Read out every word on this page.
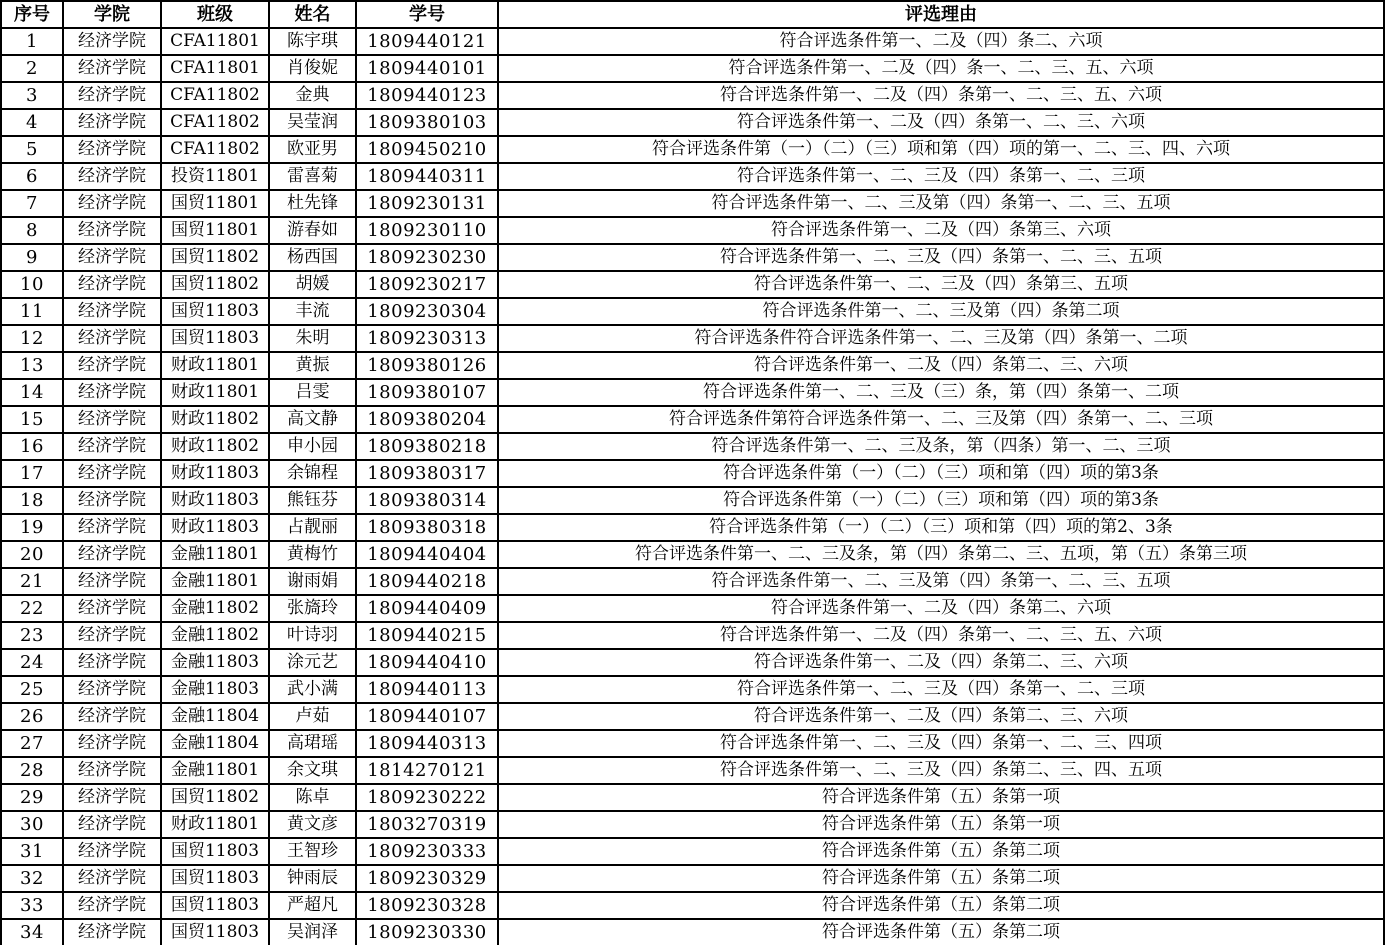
序号	学院	班级	姓名	学号	评选理由
1	经济学院	CFA11801	陈宇琪	1809440121	符合评选条件第一、二及（四）条二、六项
2	经济学院	CFA11801	肖俊妮	1809440101	符合评选条件第一、二及（四）条一、二、三、五、六项
3	经济学院	CFA11802	金典	1809440123	符合评选条件第一、二及（四）条第一、二、三、五、六项
4	经济学院	CFA11802	吴莹润	1809380103	符合评选条件第一、二及（四）条第一、二、三、六项
5	经济学院	CFA11802	欧亚男	1809450210	符合评选条件第（一）（二）（三）项和第（四）项的第一、二、三、四、六项
6	经济学院	投资11801	雷喜菊	1809440311	符合评选条件第一、二、三及（四）条第一、二、三项
7	经济学院	国贸11801	杜先锋	1809230131	符合评选条件第一、二、三及第（四）条第一、二、三、五项
8	经济学院	国贸11801	游春如	1809230110	符合评选条件第一、二及（四）条第三、六项
9	经济学院	国贸11802	杨西国	1809230230	符合评选条件第一、二、三及（四）条第一、二、三、五项
10	经济学院	国贸11802	胡媛	1809230217	符合评选条件第一、二、三及（四）条第三、五项
11	经济学院	国贸11803	丰流	1809230304	符合评选条件第一、二、三及第（四）条第二项
12	经济学院	国贸11803	朱明	1809230313	符合评选条件符合评选条件第一、二、三及第（四）条第一、二项
13	经济学院	财政11801	黄振	1809380126	符合评选条件第一、二及（四）条第二、三、六项
14	经济学院	财政11801	吕雯	1809380107	符合评选条件第一、二、三及（三）条，第（四）条第一、二项
15	经济学院	财政11802	高文静	1809380204	符合评选条件第符合评选条件第一、二、三及第（四）条第一、二、三项
16	经济学院	财政11802	申小园	1809380218	符合评选条件第一、二、三及条，第（四条）第一、二、三项
17	经济学院	财政11803	余锦程	1809380317	符合评选条件第（一）（二）（三）项和第（四）项的第3条
18	经济学院	财政11803	熊钰芬	1809380314	符合评选条件第（一）（二）（三）项和第（四）项的第3条
19	经济学院	财政11803	占靓丽	1809380318	符合评选条件第（一）（二）（三）项和第（四）项的第2、3条
20	经济学院	金融11801	黄梅竹	1809440404	符合评选条件第一、二、三及条，第（四）条第二、三、五项，第（五）条第三项
21	经济学院	金融11801	谢雨娟	1809440218	符合评选条件第一、二、三及第（四）条第一、二、三、五项
22	经济学院	金融11802	张旖玲	1809440409	符合评选条件第一、二及（四）条第二、六项
23	经济学院	金融11802	叶诗羽	1809440215	符合评选条件第一、二及（四）条第一、二、三、五、六项
24	经济学院	金融11803	涂元艺	1809440410	符合评选条件第一、二及（四）条第二、三、六项
25	经济学院	金融11803	武小满	1809440113	符合评选条件第一、二、三及（四）条第一、二、三项
26	经济学院	金融11804	卢茹	1809440107	符合评选条件第一、二及（四）条第二、三、六项
27	经济学院	金融11804	高珺瑶	1809440313	符合评选条件第一、二、三及（四）条第一、二、三、四项
28	经济学院	金融11801	余文琪	1814270121	符合评选条件第一、二、三及（四）条第二、三、四、五项
29	经济学院	国贸11802	陈卓	1809230222	符合评选条件第（五）条第一项
30	经济学院	财政11801	黄文彦	1803270319	符合评选条件第（五）条第一项
31	经济学院	国贸11803	王智珍	1809230333	符合评选条件第（五）条第二项
32	经济学院	国贸11803	钟雨辰	1809230329	符合评选条件第（五）条第二项
33	经济学院	国贸11803	严超凡	1809230328	符合评选条件第（五）条第二项
34	经济学院	国贸11803	吴润泽	1809230330	符合评选条件第（五）条第二项
